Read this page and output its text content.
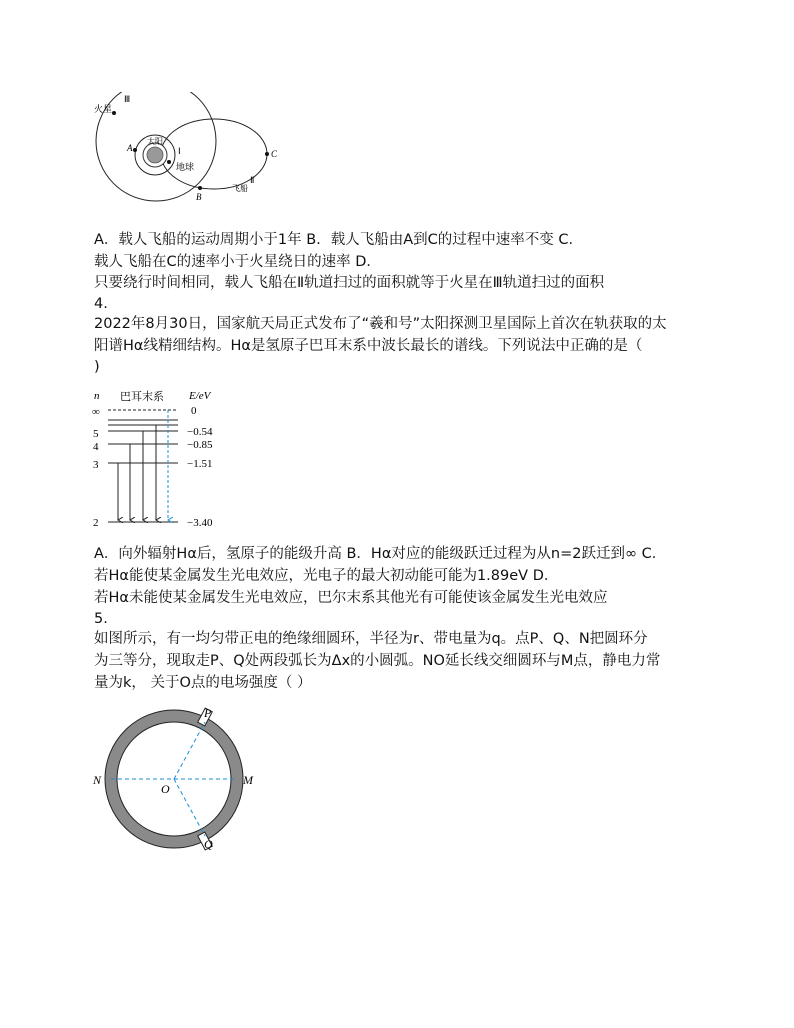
火星
Ⅲ
太阳
Ⅰ
地球
A
B
C
飞船
Ⅱ
A．载人飞船的运动周期小于1年 B．载人飞船由A到C的过程中速率不变 C．
载人飞船在C的速率小于火星绕日的速率 D．
只要绕行时间相同，载人飞船在Ⅱ轨道扫过的面积就等于火星在Ⅲ轨道扫过的面积
4.
2022年8月30日，国家航天局正式发布了“羲和号”太阳探测卫星国际上首次在轨获取的太
阳谱Hα线精细结构。Hα是氢原子巴耳末系中波长最长的谱线。下列说法中正确的是（
)
n 巴耳末系 E/eV
∞
5
4
3
2
0
−0.54
−0.85
−1.51
−3.40
A．向外辐射Hα后，氢原子的能级升高 B．Hα对应的能级跃迁过程为从n=2跃迁到∞ C．
若Hα能使某金属发生光电效应，光电子的最大初动能可能为1.89eV D．
若Hα未能使某金属发生光电效应，巴尔末系其他光有可能使该金属发生光电效应
5.
如图所示，有一均匀带正电的绝缘细圆环，半径为r、带电量为q。点P、Q、N把圆环分
为三等分，现取走P、Q处两段弧长为Δx的小圆弧。NO延长线交细圆环与M点，静电力常
量为k， 关于O点的电场强度（ ）
P
Q
N	M
O
